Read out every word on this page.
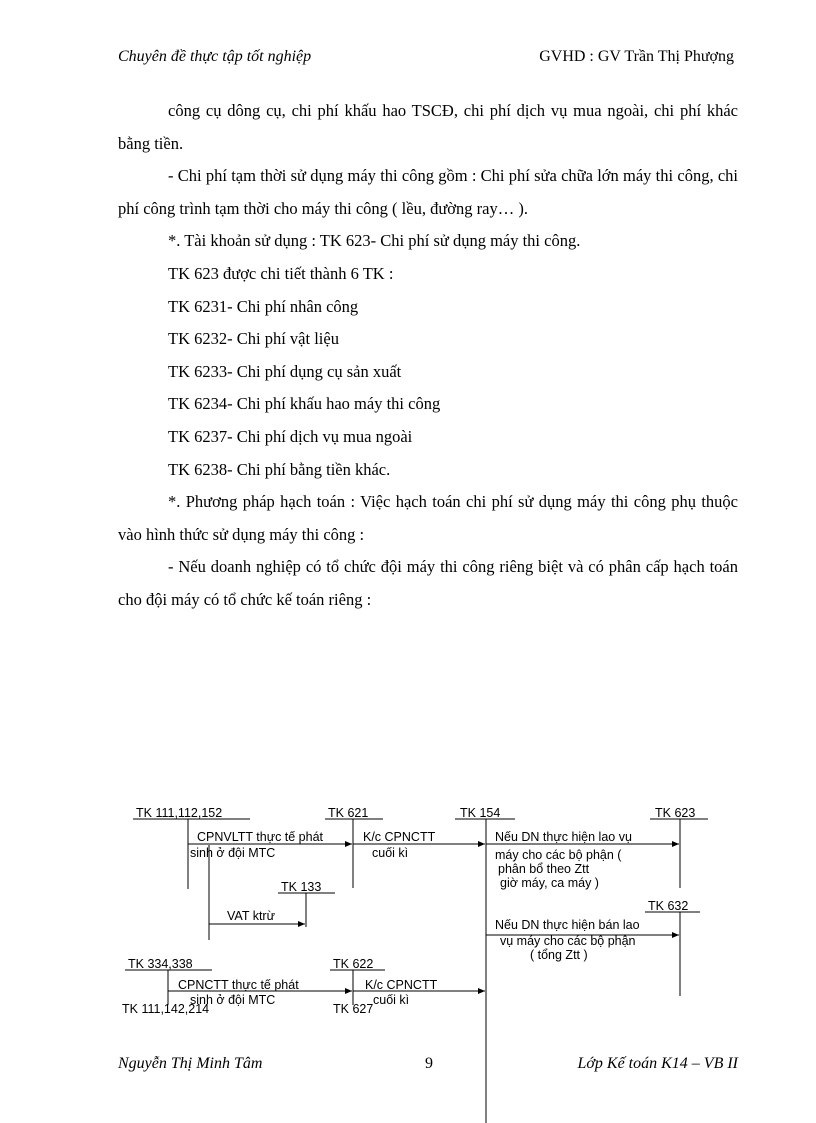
Chuyên đề thực tập tốt nghiệp	GVHD : GV Trần Thị Phượng

công cụ dông cụ, chi phí khấu hao TSCĐ, chi phí dịch vụ mua ngoài, chi phí khác bằng tiền.

- Chi phí tạm thời sử dụng máy thi công gồm : Chi phí sửa chữa lớn máy thi công, chi phí công trình tạm thời cho máy thi công ( lều, đường ray… ).

*. Tài khoản sử dụng : TK 623- Chi phí sử dụng máy thi công.

TK 623 được chi tiết thành 6 TK :

TK 6231- Chi phí nhân công

TK 6232- Chi phí vật liệu

TK 6233- Chi phí dụng cụ sản xuất

TK 6234- Chi phí khấu hao máy thi công

TK 6237- Chi phí dịch vụ mua ngoài

TK 6238- Chi phí bằng tiền khác.

*. Phương pháp hạch toán : Việc hạch toán chi phí sử dụng máy thi công phụ thuộc vào hình thức sử dụng máy thi công :

- Nếu doanh nghiệp có tổ chức đội máy thi công riêng biệt và có phân cấp hạch toán cho đội máy có tổ chức kế toán riêng :

TK 111,112,152	TK 621	TK 154	TK 623
TK 133
TK 632
TK 334,338	TK 622
TK 111,142,214	TK 627
CPNVLTT thực tế phát
sinh ở đội MTC
K/c CPNCTT
cuối kì
Nếu DN thực hiện lao vụ
máy cho các bộ phận (
phân bổ theo Ztt
giờ máy, ca máy )
VAT ktrừ
Nếu DN thực hiện bán lao
vụ máy cho các bộ phận
( tổng Ztt )
CPNCTT thực tế phát
sinh ở đội MTC
K/c CPNCTT
cuối kì
Nguyễn Thị Minh Tâm	9	Lớp Kế toán K14 – VB II
